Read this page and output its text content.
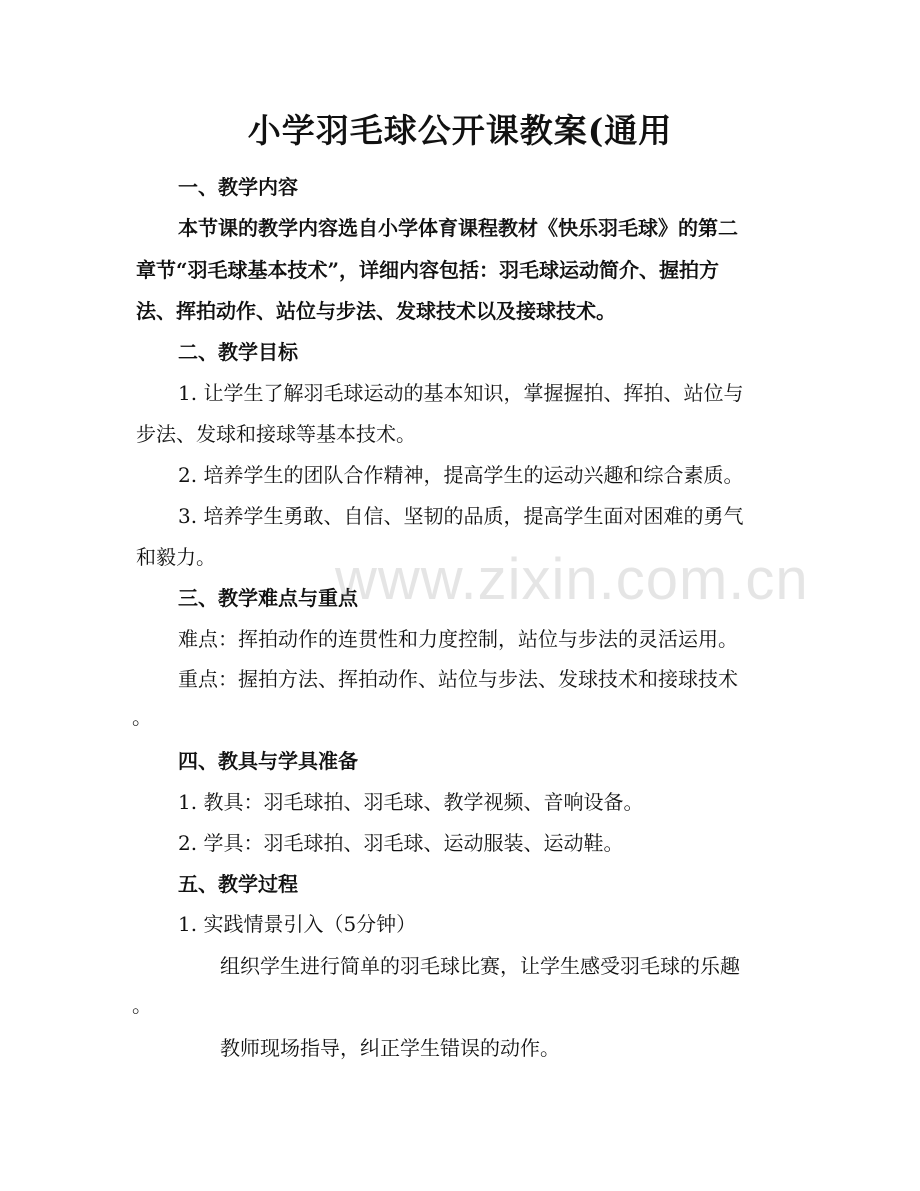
小学羽毛球公开课教案(通用
一、教学内容
本节课的教学内容选自小学体育课程教材《快乐羽毛球》的第二
章节“羽毛球基本技术”，详细内容包括：羽毛球运动简介、握拍方
法、挥拍动作、站位与步法、发球技术以及接球技术。
二、教学目标
1. 让学生了解羽毛球运动的基本知识，掌握握拍、挥拍、站位与
步法、发球和接球等基本技术。
2. 培养学生的团队合作精神，提高学生的运动兴趣和综合素质。
3. 培养学生勇敢、自信、坚韧的品质，提高学生面对困难的勇气
和毅力。
三、教学难点与重点
难点：挥拍动作的连贯性和力度控制，站位与步法的灵活运用。
重点：握拍方法、挥拍动作、站位与步法、发球技术和接球技术
。
四、教具与学具准备
1. 教具：羽毛球拍、羽毛球、教学视频、音响设备。
2. 学具：羽毛球拍、羽毛球、运动服装、运动鞋。
五、教学过程
1. 实践情景引入（5分钟）
组织学生进行简单的羽毛球比赛，让学生感受羽毛球的乐趣
。
教师现场指导，纠正学生错误的动作。
www.zixin.com.cn
